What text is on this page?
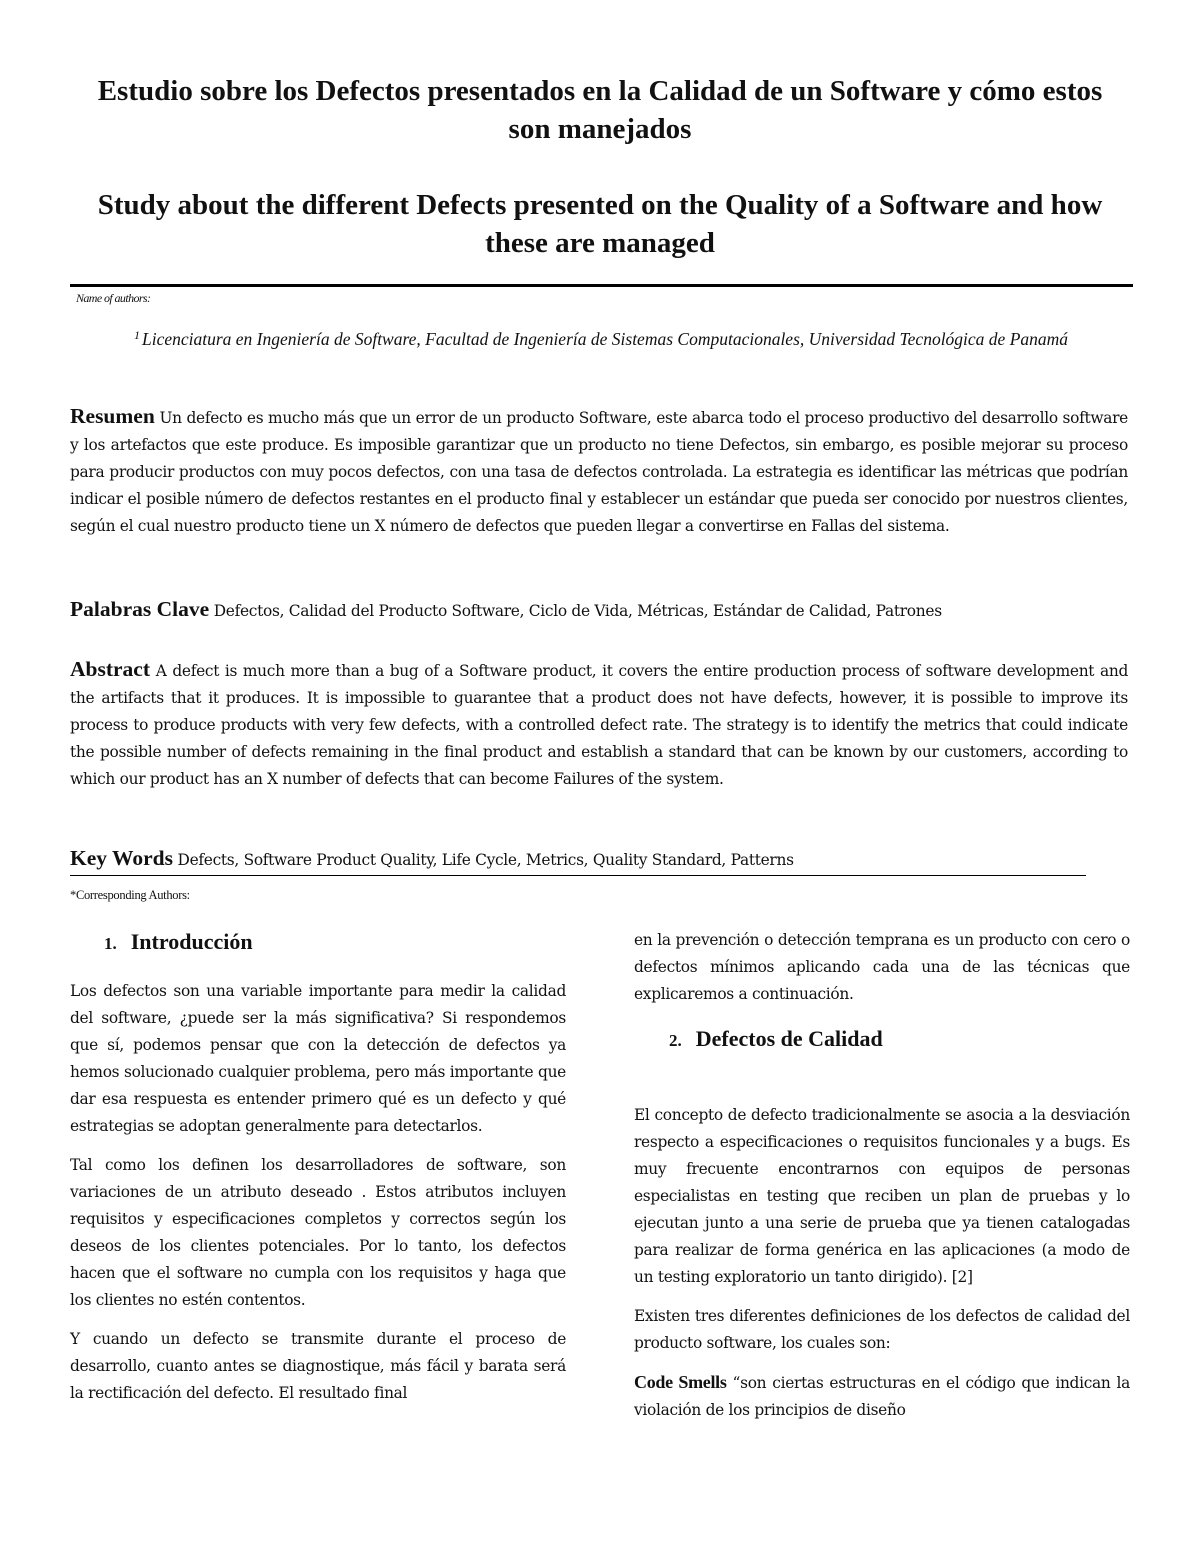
Estudio sobre los Defectos presentados en la Calidad de un Software y cómo estos son manejados
Study about the different Defects presented on the Quality of a Software and how these are managed
Name of authors:
$^1$ Licenciatura en Ingeniería de Software, Facultad de Ingeniería de Sistemas Computacionales, Universidad Tecnológica de Panamá
Resumen Un defecto es mucho más que un error de un producto Software, este abarca todo el proceso productivo del desarrollo software y los artefactos que este produce. Es imposible garantizar que un producto no tiene Defectos, sin embargo, es posible mejorar su proceso para producir productos con muy pocos defectos, con una tasa de defectos controlada. La estrategia es identificar las métricas que podrían indicar el posible número de defectos restantes en el producto final y establecer un estándar que pueda ser conocido por nuestros clientes, según el cual nuestro producto tiene un X número de defectos que pueden llegar a convertirse en Fallas del sistema.
Palabras Clave Defectos, Calidad del Producto Software, Ciclo de Vida, Métricas, Estándar de Calidad, Patrones
Abstract A defect is much more than a bug of a Software product, it covers the entire production process of software development and the artifacts that it produces. It is impossible to guarantee that a product does not have defects, however, it is possible to improve its process to produce products with very few defects, with a controlled defect rate. The strategy is to identify the metrics that could indicate the possible number of defects remaining in the final product and establish a standard that can be known by our customers, according to which our product has an X number of defects that can become Failures of the system.
Key Words Defects, Software Product Quality, Life Cycle, Metrics, Quality Standard, Patterns
*Corresponding Authors:
1. Introducción

Los defectos son una variable importante para medir la calidad del software, ¿puede ser la más significativa? Si respondemos que sí, podemos pensar que con la detección de defectos ya hemos solucionado cualquier problema, pero más importante que dar esa respuesta es entender primero qué es un defecto y qué estrategias se adoptan generalmente para detectarlos.

Tal como los definen los desarrolladores de software, son variaciones de un atributo deseado . Estos atributos incluyen requisitos y especificaciones completos y correctos según los deseos de los clientes potenciales. Por lo tanto, los defectos hacen que el software no cumpla con los requisitos y haga que los clientes no estén contentos.

Y cuando un defecto se transmite durante el proceso de desarrollo, cuanto antes se diagnostique, más fácil y barata será la rectificación del defecto. El resultado final

en la prevención o detección temprana es un producto con cero o defectos mínimos aplicando cada una de las técnicas que explicaremos a continuación.

El concepto de defecto tradicionalmente se asocia a la desviación respecto a especificaciones o requisitos funcionales y a bugs. Es muy frecuente encontrarnos con equipos de personas especialistas en testing que reciben un plan de pruebas y lo ejecutan junto a una serie de prueba que ya tienen catalogadas para realizar de forma genérica en las aplicaciones (a modo de un testing exploratorio un tanto dirigido). [2]

Existen tres diferentes definiciones de los defectos de calidad del producto software, los cuales son:

Code Smells “son ciertas estructuras en el código que indican la violación de los principios de diseño

2. Defectos de Calidad
